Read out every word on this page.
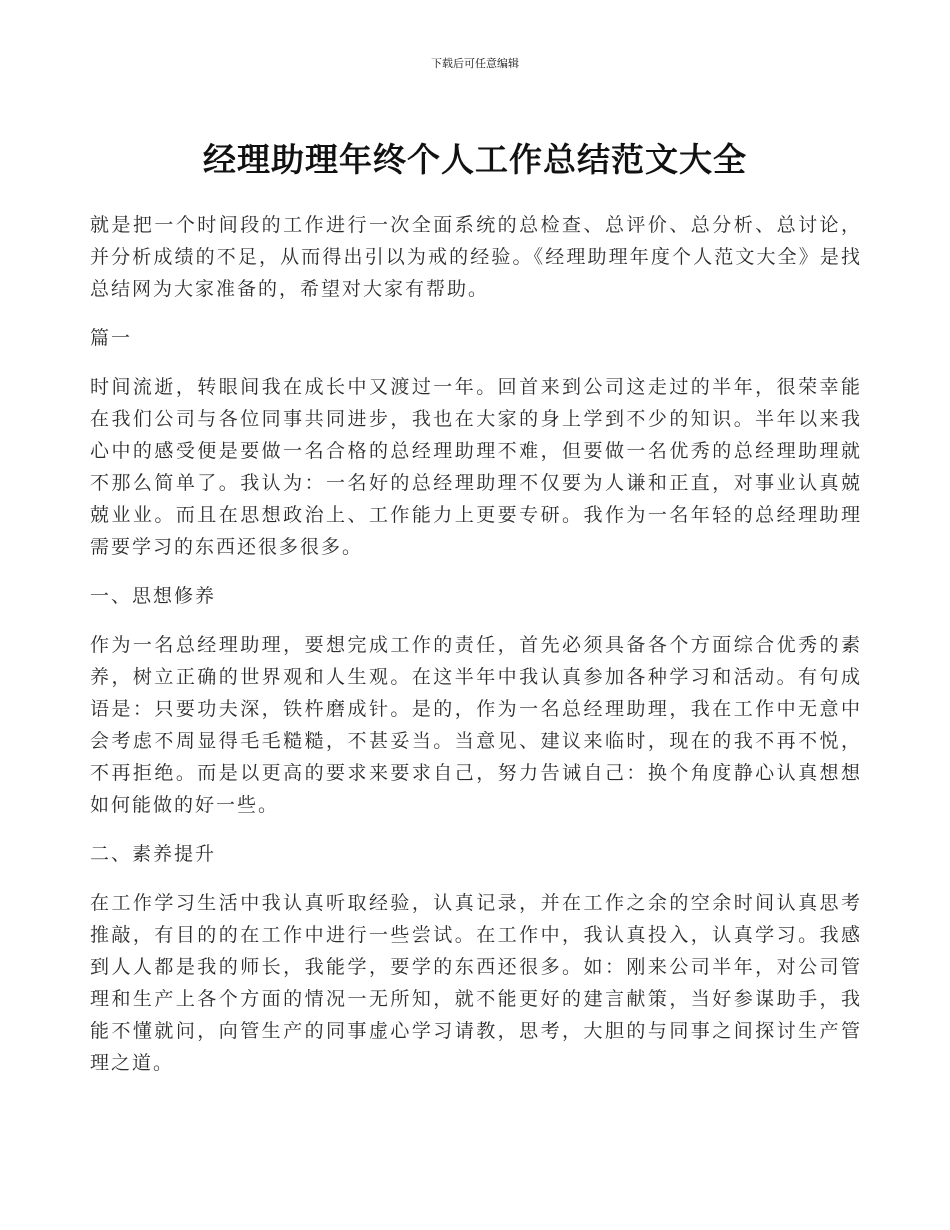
下载后可任意编辑
经理助理年终个人工作总结范文大全

就是把一个时间段的工作进行一次全面系统的总检查、总评价、总分析、总讨论，并分析成绩的不足，从而得出引以为戒的经验。《经理助理年度个人范文大全》是找总结网为大家准备的，希望对大家有帮助。

篇一

时间流逝，转眼间我在成长中又渡过一年。回首来到公司这走过的半年，很荣幸能在我们公司与各位同事共同进步，我也在大家的身上学到不少的知识。半年以来我心中的感受便是要做一名合格的总经理助理不难，但要做一名优秀的总经理助理就不那么简单了。我认为：一名好的总经理助理不仅要为人谦和正直，对事业认真兢兢业业。而且在思想政治上、工作能力上更要专研。我作为一名年轻的总经理助理需要学习的东西还很多很多。

一、思想修养

作为一名总经理助理，要想完成工作的责任，首先必须具备各个方面综合优秀的素养，树立正确的世界观和人生观。在这半年中我认真参加各种学习和活动。有句成语是：只要功夫深，铁杵磨成针。是的，作为一名总经理助理，我在工作中无意中会考虑不周显得毛毛糙糙，不甚妥当。当意见、建议来临时，现在的我不再不悦，不再拒绝。而是以更高的要求来要求自己，努力告诫自己：换个角度静心认真想想如何能做的好一些。

二、素养提升

在工作学习生活中我认真听取经验，认真记录，并在工作之余的空余时间认真思考推敲，有目的的在工作中进行一些尝试。在工作中，我认真投入，认真学习。我感到人人都是我的师长，我能学，要学的东西还很多。如：刚来公司半年，对公司管理和生产上各个方面的情况一无所知，就不能更好的建言献策，当好参谋助手，我能不懂就问，向管生产的同事虚心学习请教，思考，大胆的与同事之间探讨生产管理之道。
